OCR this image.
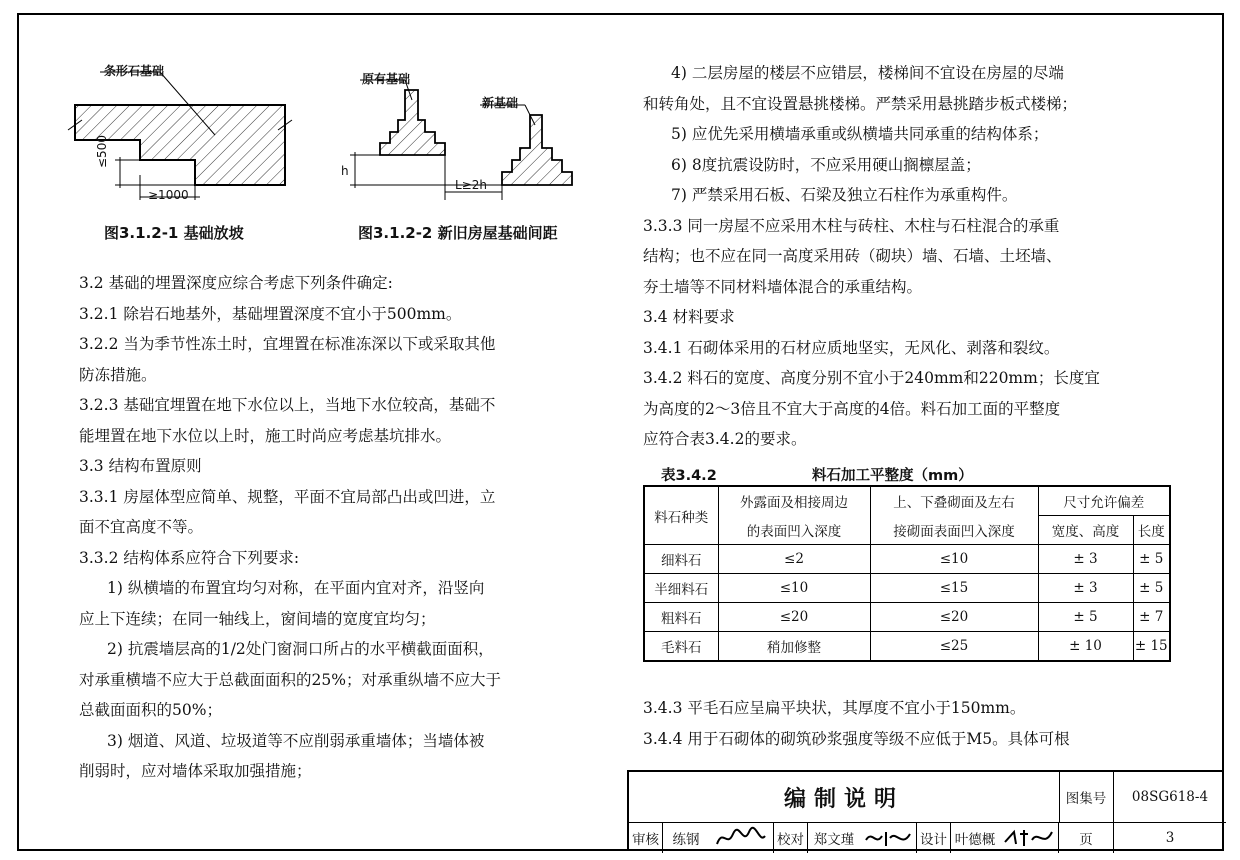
条形石基础
≤500
≥1000
图3.1.2-1 基础放坡
原有基础
新基础
h
L≥2h
图3.1.2-2 新旧房屋基础间距

3.2 基础的埋置深度应综合考虑下列条件确定:

3.2.1 除岩石地基外，基础埋置深度不宜小于500mm。

3.2.2 当为季节性冻土时，宜埋置在标准冻深以下或采取其他

防冻措施。

3.2.3 基础宜埋置在地下水位以上，当地下水位较高，基础不

能埋置在地下水位以上时，施工时尚应考虑基坑排水。

3.3 结构布置原则

3.3.1 房屋体型应简单、规整，平面不宜局部凸出或凹进，立

面不宜高度不等。

3.3.2 结构体系应符合下列要求:

1) 纵横墙的布置宜均匀对称，在平面内宜对齐，沿竖向

应上下连续；在同一轴线上，窗间墙的宽度宜均匀；

2) 抗震墙层高的1/2处门窗洞口所占的水平横截面面积，

对承重横墙不应大于总截面面积的25%；对承重纵墙不应大于

总截面面积的50%；

3) 烟道、风道、垃圾道等不应削弱承重墙体；当墙体被

削弱时，应对墙体采取加强措施；

4) 二层房屋的楼层不应错层，楼梯间不宜设在房屋的尽端

和转角处，且不宜设置悬挑楼梯。严禁采用悬挑踏步板式楼梯；

5) 应优先采用横墙承重或纵横墙共同承重的结构体系；

6) 8度抗震设防时，不应采用硬山搁檩屋盖；

7) 严禁采用石板、石梁及独立石柱作为承重构件。

3.3.3 同一房屋不应采用木柱与砖柱、木柱与石柱混合的承重

结构；也不应在同一高度采用砖（砌块）墙、石墙、土坯墙、

夯土墙等不同材料墙体混合的承重结构。

3.4 材料要求

3.4.1 石砌体采用的石材应质地坚实，无风化、剥落和裂纹。

3.4.2 料石的宽度、高度分别不宜小于240mm和220mm；长度宜

为高度的2～3倍且不宜大于高度的4倍。料石加工面的平整度

应符合表3.4.2的要求。

表3.4.2	料石加工平整度（mm）
料石种类	外露面及相接周边	上、下叠砌面及左右	尺寸允许偏差	
	的表面凹入深度	接砌面表面凹入深度	宽度、高度	长度
细料石	≤2	≤10	± 3	± 5
半细料石	≤10	≤15	± 3	± 5
粗料石	≤20	≤20	± 5	± 7
毛料石	稍加修整	≤25	± 10	± 15

3.4.3 平毛石应呈扁平块状，其厚度不宜小于150mm。

3.4.4 用于石砌体的砌筑砂浆强度等级不应低于M5。具体可根

编制说明	图集号	08SG618-4
审核	练钢	校对 郑文瑾	设计 叶德概	页	3
